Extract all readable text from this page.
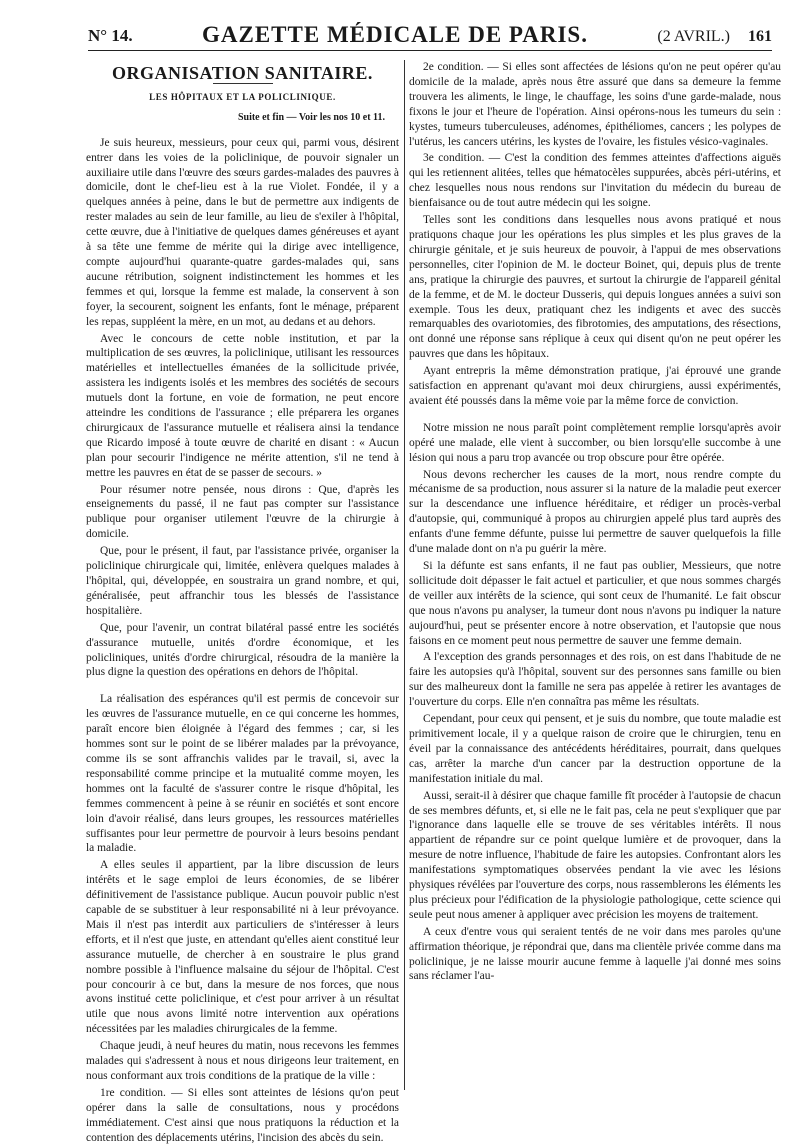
N° 14.	GAZETTE MÉDICALE DE PARIS.	(2 AVRIL.) 161
ORGANISATION SANITAIRE.
LES HÔPITAUX ET LA POLICLINIQUE.
Suite et fin — Voir les nos 10 et 11.

Je suis heureux, messieurs, pour ceux qui, parmi vous, désirent entrer dans les voies de la policlinique, de pouvoir signaler un auxiliaire utile dans l'œuvre des sœurs gardes-malades des pauvres à domicile, dont le chef-lieu est à la rue Violet. Fondée, il y a quelques années à peine, dans le but de permettre aux indigents de rester malades au sein de leur famille, au lieu de s'exiler à l'hôpital, cette œuvre, due à l'initiative de quelques dames généreuses et ayant à sa tête une femme de mérite qui la dirige avec intelligence, compte aujourd'hui quarante-quatre gardes-malades qui, sans aucune rétribution, soignent indistinctement les hommes et les femmes et qui, lorsque la femme est malade, la conservent à son foyer, la secourent, soignent les enfants, font le ménage, préparent les repas, suppléent la mère, en un mot, au dedans et au dehors.

Avec le concours de cette noble institution, et par la multiplication de ses œuvres, la policlinique, utilisant les ressources matérielles et intellectuelles émanées de la sollicitude privée, assistera les indigents isolés et les membres des sociétés de secours mutuels dont la fortune, en voie de formation, ne peut encore atteindre les conditions de l'assurance ; elle préparera les organes chirurgicaux de l'assurance mutuelle et réalisera ainsi la tendance que Ricardo imposé à toute œuvre de charité en disant : « Aucun plan pour secourir l'indigence ne mérite attention, s'il ne tend à mettre les pauvres en état de se passer de secours. »

Pour résumer notre pensée, nous dirons : Que, d'après les enseignements du passé, il ne faut pas compter sur l'assistance publique pour organiser utilement l'œuvre de la chirurgie à domicile.

Que, pour le présent, il faut, par l'assistance privée, organiser la policlinique chirurgicale qui, limitée, enlèvera quelques malades à l'hôpital, qui, développée, en soustraira un grand nombre, et qui, généralisée, peut affranchir tous les blessés de l'assistance hospitalière.

Que, pour l'avenir, un contrat bilatéral passé entre les sociétés d'assurance mutuelle, unités d'ordre économique, et les policliniques, unités d'ordre chirurgical, résoudra de la manière la plus digne la question des opérations en dehors de l'hôpital.

La réalisation des espérances qu'il est permis de concevoir sur les œuvres de l'assurance mutuelle, en ce qui concerne les hommes, paraît encore bien éloignée à l'égard des femmes ; car, si les hommes sont sur le point de se libérer malades par la prévoyance, comme ils se sont affranchis valides par le travail, si, avec la responsabilité comme principe et la mutualité comme moyen, les hommes ont la faculté de s'assurer contre le risque d'hôpital, les femmes commencent à peine à se réunir en sociétés et sont encore loin d'avoir réalisé, dans leurs groupes, les ressources matérielles suffisantes pour leur permettre de pourvoir à leurs besoins pendant la maladie.

A elles seules il appartient, par la libre discussion de leurs intérêts et le sage emploi de leurs économies, de se libérer définitivement de l'assistance publique. Aucun pouvoir public n'est capable de se substituer à leur responsabilité ni à leur prévoyance. Mais il n'est pas interdit aux particuliers de s'intéresser à leurs efforts, et il n'est que juste, en attendant qu'elles aient constitué leur assurance mutuelle, de chercher à en soustraire le plus grand nombre possible à l'influence malsaine du séjour de l'hôpital. C'est pour concourir à ce but, dans la mesure de nos forces, que nous avons institué cette policlinique, et c'est pour arriver à un résultat utile que nous avons limité notre intervention aux opérations nécessitées par les maladies chirurgicales de la femme.

Chaque jeudi, à neuf heures du matin, nous recevons les femmes malades qui s'adressent à nous et nous dirigeons leur traitement, en nous conformant aux trois conditions de la pratique de la ville :

1re condition. — Si elles sont atteintes de lésions qu'on peut opérer dans la salle de consultations, nous y procédons immédiatement. C'est ainsi que nous pratiquons la réduction et la contention des déplacements utérins, l'incision des abcès du sein.

2e condition. — Si elles sont affectées de lésions qu'on ne peut opérer qu'au domicile de la malade, après nous être assuré que dans sa demeure la femme trouvera les aliments, le linge, le chauffage, les soins d'une garde-malade, nous fixons le jour et l'heure de l'opération. Ainsi opérons-nous les tumeurs du sein : kystes, tumeurs tuberculeuses, adénomes, épithéliomes, cancers ; les polypes de l'utérus, les cancers utérins, les kystes de l'ovaire, les fistules vésico-vaginales.

3e condition. — C'est la condition des femmes atteintes d'affections aiguës qui les retiennent alitées, telles que hématocèles suppurées, abcès péri-utérins, et chez lesquelles nous nous rendons sur l'invitation du médecin du bureau de bienfaisance ou de tout autre médecin qui les soigne.

Telles sont les conditions dans lesquelles nous avons pratiqué et nous pratiquons chaque jour les opérations les plus simples et les plus graves de la chirurgie génitale, et je suis heureux de pouvoir, à l'appui de mes observations personnelles, citer l'opinion de M. le docteur Boinet, qui, depuis plus de trente ans, pratique la chirurgie des pauvres, et surtout la chirurgie de l'appareil génital de la femme, et de M. le docteur Dusseris, qui depuis longues années a suivi son exemple. Tous les deux, pratiquant chez les indigents et avec des succès remarquables des ovariotomies, des fibrotomies, des amputations, des résections, ont donné une réponse sans réplique à ceux qui disent qu'on ne peut opérer les pauvres que dans les hôpitaux.

Ayant entrepris la même démonstration pratique, j'ai éprouvé une grande satisfaction en apprenant qu'avant moi deux chirurgiens, aussi expérimentés, avaient été poussés dans la même voie par la même force de conviction.

Notre mission ne nous paraît point complètement remplie lorsqu'après avoir opéré une malade, elle vient à succomber, ou bien lorsqu'elle succombe à une lésion qui nous a paru trop avancée ou trop obscure pour être opérée.

Nous devons rechercher les causes de la mort, nous rendre compte du mécanisme de sa production, nous assurer si la nature de la maladie peut exercer sur la descendance une influence héréditaire, et rédiger un procès-verbal d'autopsie, qui, communiqué à propos au chirurgien appelé plus tard auprès des enfants d'une femme défunte, puisse lui permettre de sauver quelquefois la fille d'une malade dont on n'a pu guérir la mère.

Si la défunte est sans enfants, il ne faut pas oublier, Messieurs, que notre sollicitude doit dépasser le fait actuel et particulier, et que nous sommes chargés de veiller aux intérêts de la science, qui sont ceux de l'humanité. Le fait obscur que nous n'avons pu analyser, la tumeur dont nous n'avons pu indiquer la nature aujourd'hui, peut se présenter encore à notre observation, et l'autopsie que nous faisons en ce moment peut nous permettre de sauver une femme demain.

A l'exception des grands personnages et des rois, on est dans l'habitude de ne faire les autopsies qu'à l'hôpital, souvent sur des personnes sans famille ou bien sur des malheureux dont la famille ne sera pas appelée à retirer les avantages de l'ouverture du corps. Elle n'en connaîtra pas même les résultats.

Cependant, pour ceux qui pensent, et je suis du nombre, que toute maladie est primitivement locale, il y a quelque raison de croire que le chirurgien, tenu en éveil par la connaissance des antécédents héréditaires, pourrait, dans quelques cas, arrêter la marche d'un cancer par la destruction opportune de la manifestation initiale du mal.

Aussi, serait-il à désirer que chaque famille fît procéder à l'autopsie de chacun de ses membres défunts, et, si elle ne le fait pas, cela ne peut s'expliquer que par l'ignorance dans laquelle elle se trouve de ses véritables intérêts. Il nous appartient de répandre sur ce point quelque lumière et de provoquer, dans la mesure de notre influence, l'habitude de faire les autopsies. Confrontant alors les manifestations symptomatiques observées pendant la vie avec les lésions physiques révélées par l'ouverture des corps, nous rassemblerons les éléments les plus précieux pour l'édification de la physiologie pathologique, cette science qui seule peut nous amener à appliquer avec précision les moyens de traitement.

A ceux d'entre vous qui seraient tentés de ne voir dans mes paroles qu'une affirmation théorique, je répondrai que, dans ma clientèle privée comme dans ma policlinique, je ne laisse mourir aucune femme à laquelle j'ai donné mes soins sans réclamer l'au-
